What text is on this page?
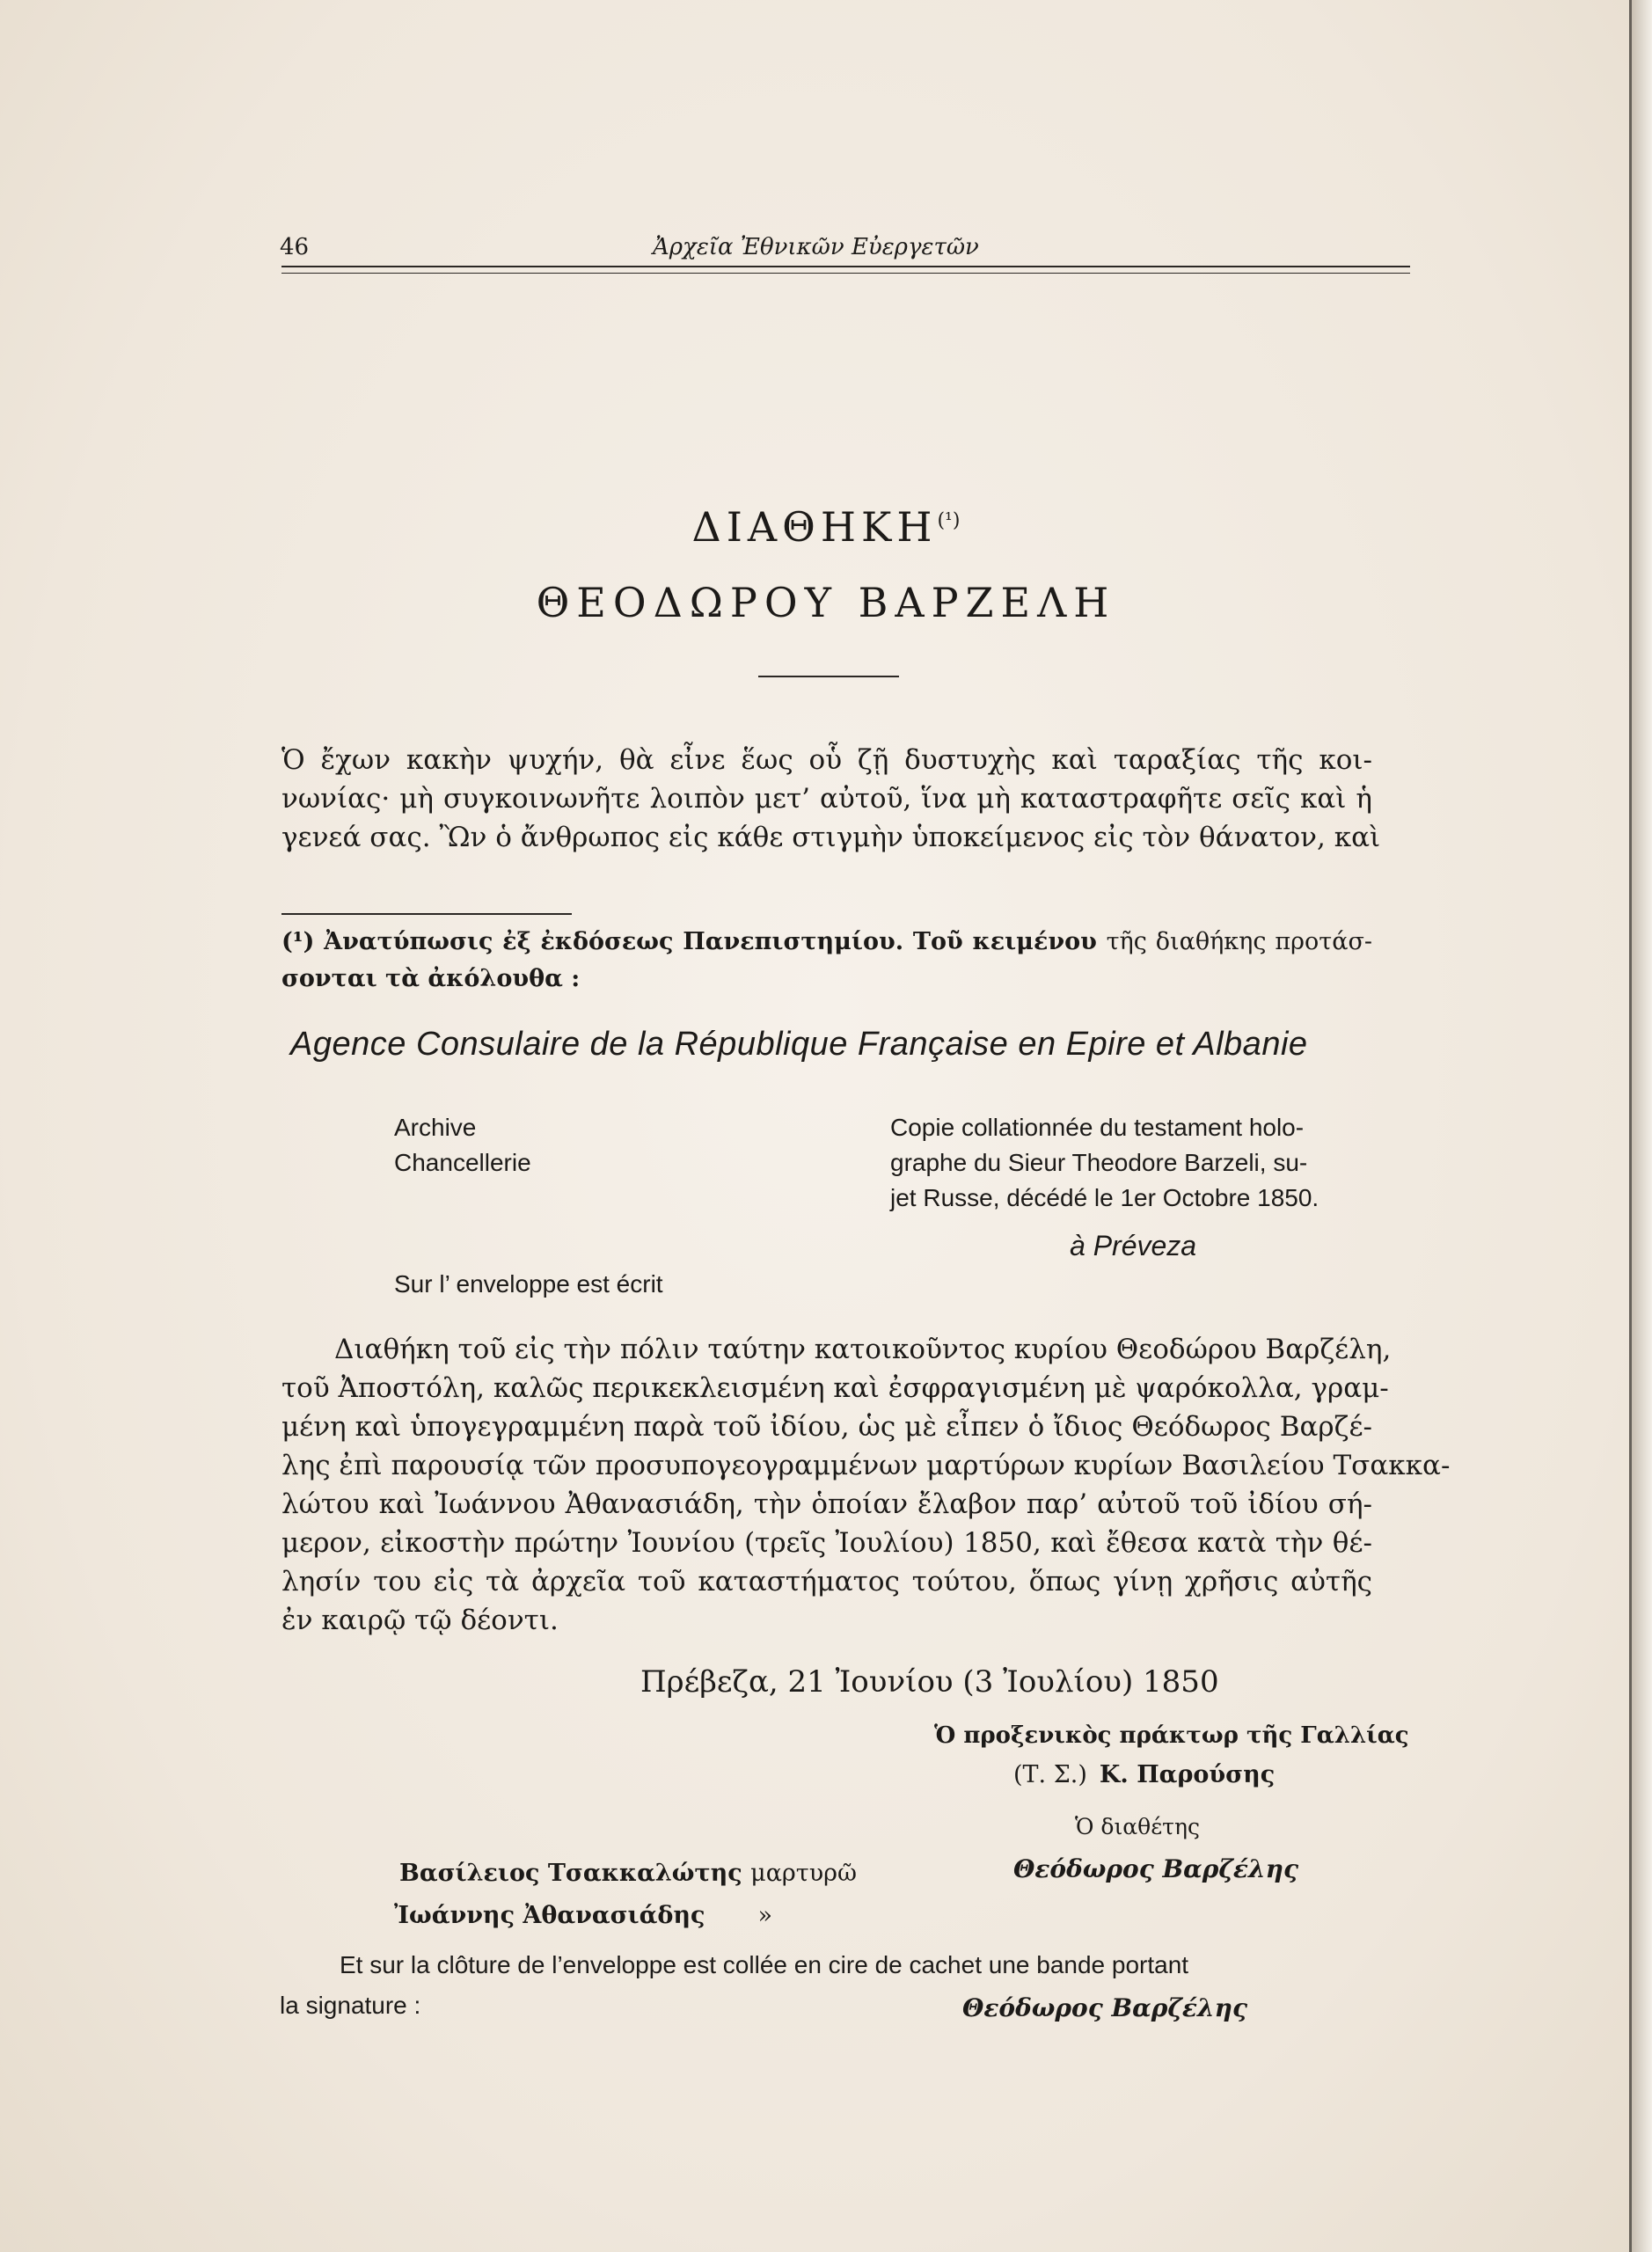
46	Ἀρχεῖα Ἐθνικῶν Εὐεργετῶν
$\Delta IA\Theta HKH^{(^1)}$
ΘΕΟΔΩΡΟΥ ΒΑΡΖΕΛΗ
Ὁ ἔχων κακὴν ψυχήν, θὰ εἶνε ἕως οὗ ζῇ δυστυχὴς καὶ ταραξίας τῆς κοι-
νωνίας· μὴ συγκοινωνῆτε λοιπὸν μετ’ αὐτοῦ, ἵνα μὴ καταστραφῆτε σεῖς καὶ ἡ
γενεά σας. Ὢν ὁ ἄνθρωπος εἰς κάθε στιγμὴν ὑποκείμενος εἰς τὸν θάνατον, καὶ
(¹) Ἀνατύπωσις ἐξ ἐκδόσεως Πανεπιστημίου. Τοῦ κειμένου τῆς διαθήκης προτάσ-
σονται τὰ ἀκόλουθα :
Agence Consulaire de la République Française en Epire et Albanie
Archive
Chancellerie
Copie collationnée du testament holo-
graphe du Sieur Theodore Barzeli, su-
jet Russe, décédé le 1er Octobre 1850.
à Préveza
Sur l’ enveloppe est écrit
Διαθήκη τοῦ εἰς τὴν πόλιν ταύτην κατοικοῦντος κυρίου Θεοδώρου Βαρζέλη,
τοῦ Ἀποστόλη, καλῶς περικεκλεισμένη καὶ ἐσφραγισμένη μὲ ψαρόκολλα, γραμ-
μένη καὶ ὑπογεγραμμένη παρὰ τοῦ ἰδίου, ὡς μὲ εἶπεν ὁ ἴδιος Θεόδωρος Βαρζέ-
λης ἐπὶ παρουσίᾳ τῶν προσυπογεογραμμένων μαρτύρων κυρίων Βασιλείου Τσακκα-
λώτου καὶ Ἰωάννου Ἀθανασιάδη, τὴν ὁποίαν ἔλαβον παρ’ αὐτοῦ τοῦ ἰδίου σή-
μερον, εἰκοστὴν πρώτην Ἰουνίου (τρεῖς Ἰουλίου) 1850, καὶ ἔθεσα κατὰ τὴν θέ-
λησίν του εἰς τὰ ἀρχεῖα τοῦ καταστήματος τούτου, ὅπως γίνῃ χρῆσις αὐτῆς
ἐν καιρῷ τῷ δέοντι.
Πρέβεζα, 21 Ἰουνίου (3 Ἰουλίου) 1850
Ὁ προξενικὸς πράκτωρ τῆς Γαλλίας
(Τ. Σ.) Κ. Παρούσης
Ὁ διαθέτης
Θεόδωρος Βαρζέλης
Βασίλειος Τσακκαλώτης μαρτυρῶ
Ἰωάννης Ἀθανασιάδης »
Et sur la clôture de l’enveloppe est collée en cire de cachet une bande portant
la signature :	Θεόδωρος Βαρζέλης
